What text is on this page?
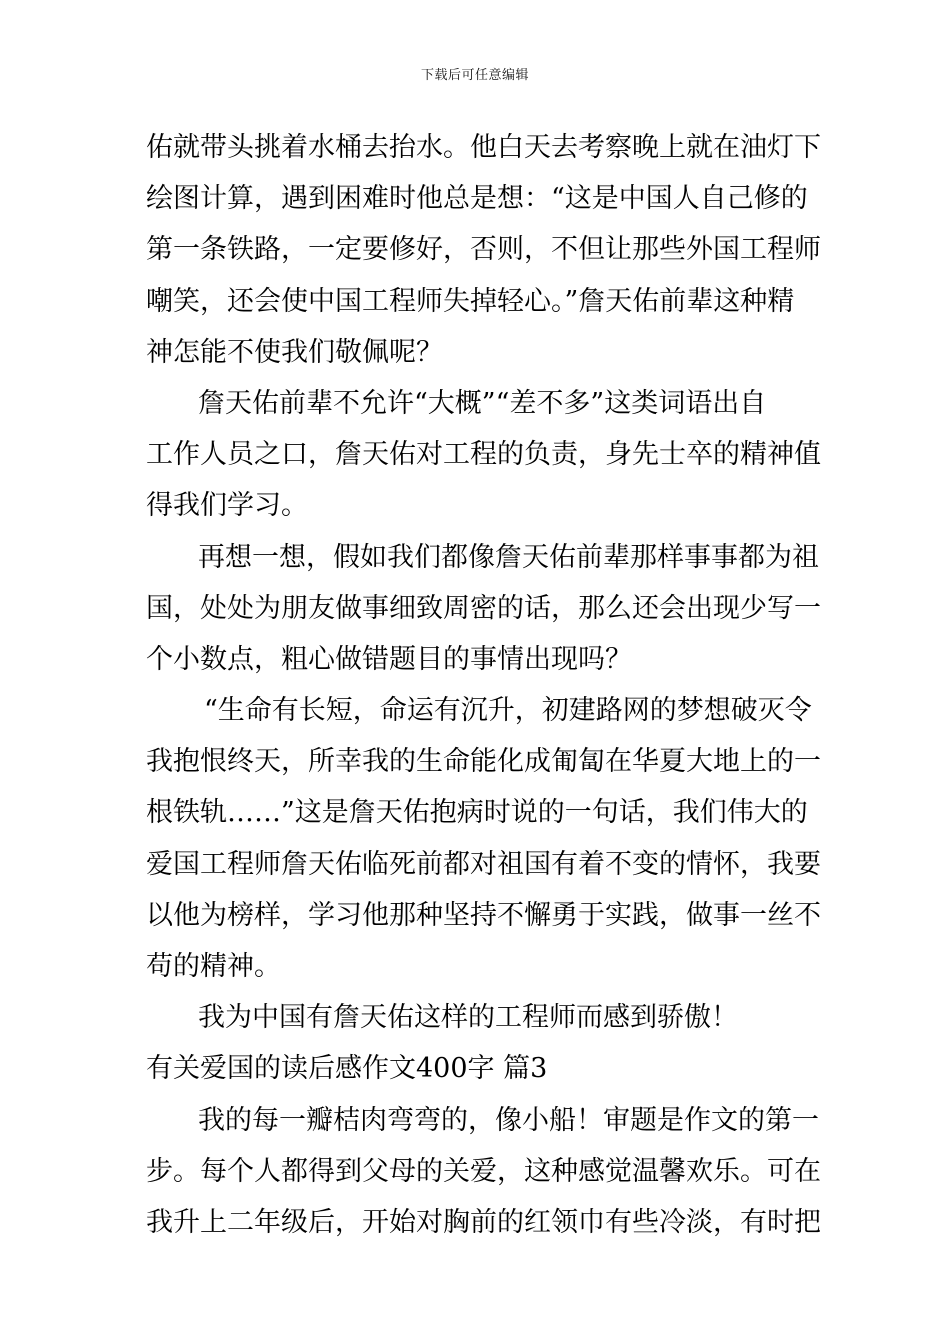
下载后可任意编辑
佑就带头挑着水桶去抬水。他白天去考察晚上就在油灯下
绘图计算，遇到困难时他总是想：“这是中国人自己修的
第一条铁路，一定要修好，否则，不但让那些外国工程师
嘲笑，还会使中国工程师失掉轻心。”詹天佑前辈这种精
神怎能不使我们敬佩呢？
詹天佑前辈不允许“大概”“差不多”这类词语出自
工作人员之口，詹天佑对工程的负责，身先士卒的精神值
得我们学习。
再想一想，假如我们都像詹天佑前辈那样事事都为祖
国，处处为朋友做事细致周密的话，那么还会出现少写一
个小数点，粗心做错题目的事情出现吗？
“生命有长短，命运有沉升，初建路网的梦想破灭令
我抱恨终天，所幸我的生命能化成匍匐在华夏大地上的一
根铁轨……”这是詹天佑抱病时说的一句话，我们伟大的
爱国工程师詹天佑临死前都对祖国有着不变的情怀，我要
以他为榜样，学习他那种坚持不懈勇于实践，做事一丝不
苟的精神。
我为中国有詹天佑这样的工程师而感到骄傲！
有关爱国的读后感作文400字 篇3
我的每一瓣桔肉弯弯的，像小船！审题是作文的第一
步。每个人都得到父母的关爱，这种感觉温馨欢乐。可在
我升上二年级后，开始对胸前的红领巾有些冷淡，有时把
